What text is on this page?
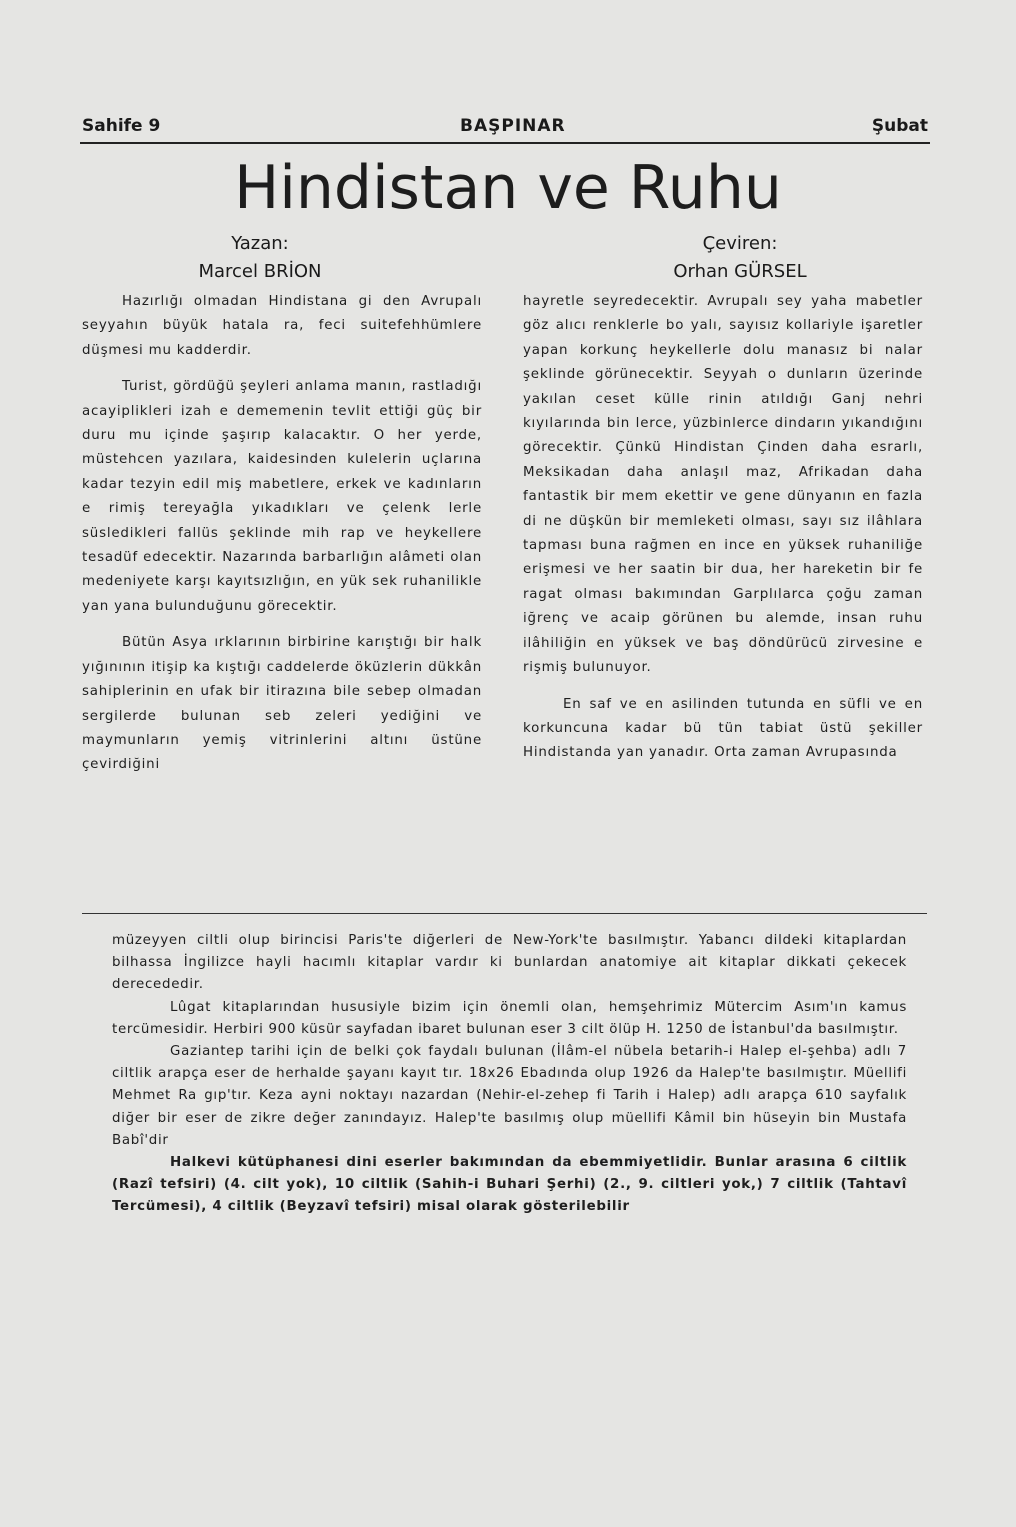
Sahife 9	BAŞPINAR	Şubat
Hindistan ve Ruhu
Yazan:
Marcel BRİON
Çeviren:
Orhan GÜRSEL

Hazırlığı olmadan Hindistana gi den Avrupalı seyyahın büyük hatala ra, feci suitefehhümlere düşmesi mu kadderdir.

Turist, gördüğü şeyleri anlama manın, rastladığı acayiplikleri izah e dememenin tevlit ettiği güç bir duru mu içinde şaşırıp kalacaktır. O her yerde, müstehcen yazılara, kaidesinden kulelerin uçlarına kadar tezyin edil miş mabetlere, erkek ve kadınların e rimiş tereyağla yıkadıkları ve çelenk lerle süsledikleri fallüs şeklinde mih rap ve heykellere tesadüf edecektir. Nazarında barbarlığın alâmeti olan medeniyete karşı kayıtsızlığın, en yük sek ruhanilikle yan yana bulunduğunu görecektir.

Bütün Asya ırklarının birbirine karıştığı bir halk yığınının itişip ka kıştığı caddelerde öküzlerin dükkân sahiplerinin en ufak bir itirazına bile sebep olmadan sergilerde bulunan seb zeleri yediğini ve maymunların yemiş vitrinlerini altını üstüne çevirdiğini

hayretle seyredecektir. Avrupalı sey yaha mabetler göz alıcı renklerle bo yalı, sayısız kollariyle işaretler yapan korkunç heykellerle dolu manasız bi nalar şeklinde görünecektir. Seyyah o dunların üzerinde yakılan ceset külle rinin atıldığı Ganj nehri kıyılarında bin lerce, yüzbinlerce dindarın yıkandığını görecektir. Çünkü Hindistan Çinden daha esrarlı, Meksikadan daha anlaşıl maz, Afrikadan daha fantastik bir mem ekettir ve gene dünyanın en fazla di ne düşkün bir memleketi olması, sayı sız ilâhlara tapması buna rağmen en ince en yüksek ruhaniliğe erişmesi ve her saatin bir dua, her hareketin bir fe ragat olması bakımından Garplılarca çoğu zaman iğrenç ve acaip görünen bu alemde, insan ruhu ilâhiliğin en yüksek ve baş döndürücü zirvesine e rişmiş bulunuyor.

En saf ve en asilinden tutunda en süfli ve en korkuncuna kadar bü tün tabiat üstü şekiller Hindistanda yan yanadır. Orta zaman Avrupasında

müzeyyen ciltli olup birincisi Paris'te diğerleri de New-York'te basılmıştır. Yabancı dildeki kitaplardan bilhassa İngilizce hayli hacımlı kitaplar vardır ki bunlardan anatomiye ait kitaplar dikkati çekecek derecededir.

Lûgat kitaplarından hususiyle bizim için önemli olan, hemşehrimiz Mütercim Asım'ın kamus tercümesidir. Herbiri 900 küsür sayfadan ibaret bulunan eser 3 cilt ölüp H. 1250 de İstanbul'da basılmıştır.

Gaziantep tarihi için de belki çok faydalı bulunan (İlâm-el nübela betarih-i Halep el-şehba) adlı 7 ciltlik arapça eser de herhalde şayanı kayıt tır. 18x26 Ebadında olup 1926 da Halep'te basılmıştır. Müellifi Mehmet Ra gıp'tır. Keza ayni noktayı nazardan (Nehir-el-zehep fi Tarih i Halep) adlı arapça 610 sayfalık diğer bir eser de zikre değer zanındayız. Halep'te basılmış olup müellifi Kâmil bin hüseyin bin Mustafa Babî'dir

Halkevi kütüphanesi dini eserler bakımından da ebemmiyetlidir. Bunlar arasına 6 ciltlik (Razî tefsiri) (4. cilt yok), 10 ciltlik (Sahih-i Buhari Şerhi) (2., 9. ciltleri yok,) 7 ciltlik (Tahtavî Tercümesi), 4 ciltlik (Beyzavî tefsiri) misal olarak gösterilebilir
